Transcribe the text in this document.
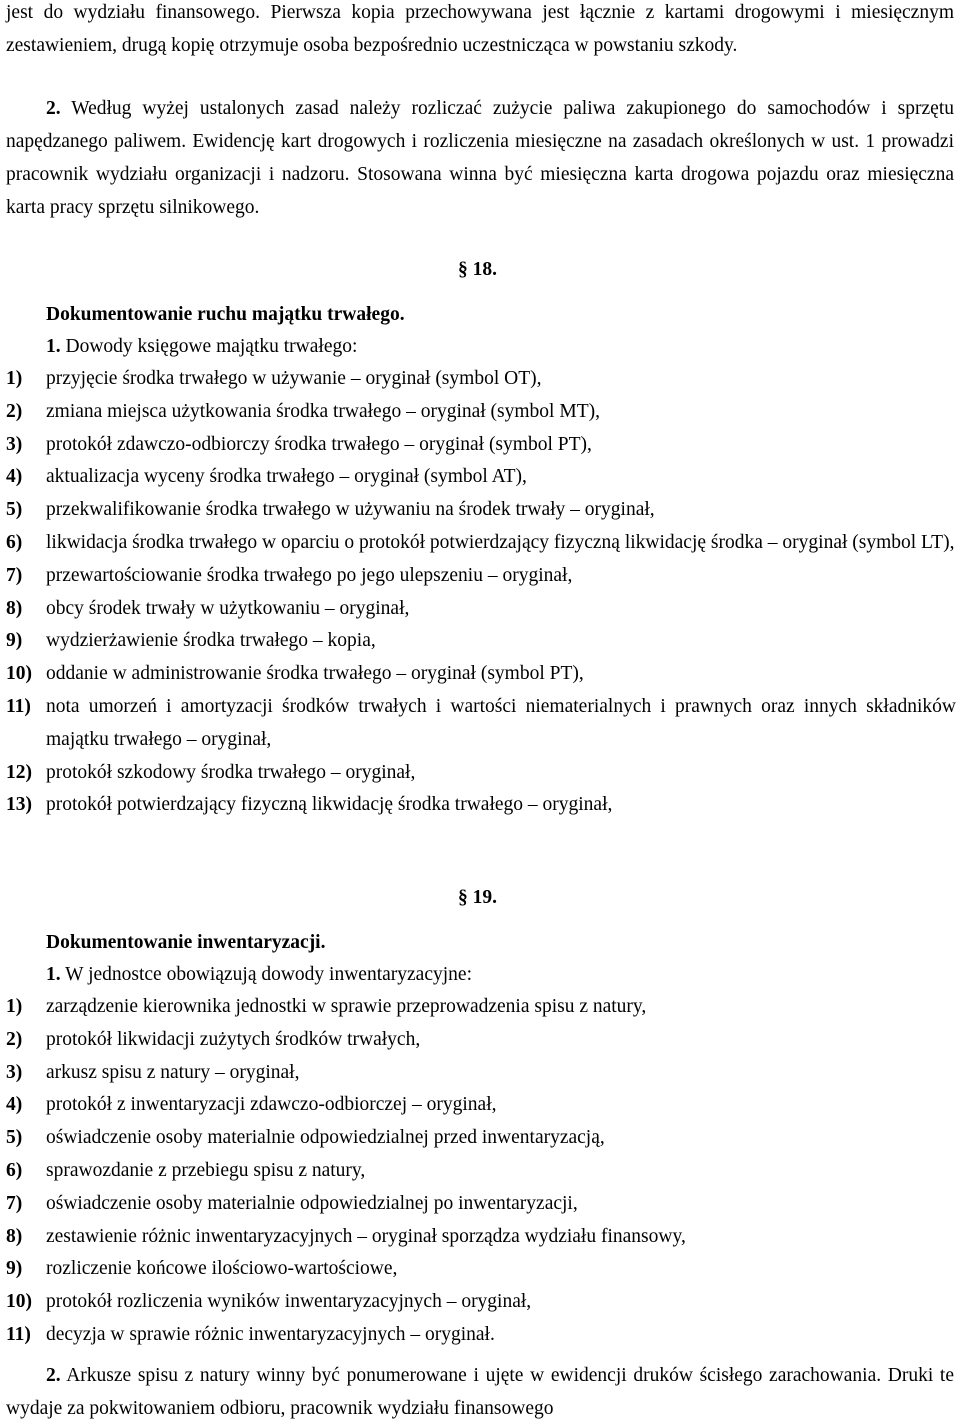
jest do wydziału finansowego. Pierwsza kopia przechowywana jest łącznie z kartami drogowymi i miesięcznym zestawieniem, drugą kopię otrzymuje osoba bezpośrednio uczestnicząca w powstaniu szkody.

2. Według wyżej ustalonych zasad należy rozliczać zużycie paliwa zakupionego do samochodów i sprzętu napędzanego paliwem. Ewidencję kart drogowych i rozliczenia miesięczne na zasadach określonych w ust. 1 prowadzi pracownik wydziału organizacji i nadzoru. Stosowana winna być miesięczna karta drogowa pojazdu oraz miesięczna karta pracy sprzętu silnikowego.

§ 18.
Dokumentowanie ruchu majątku trwałego.
1. Dowody księgowe majątku trwałego:
1) przyjęcie środka trwałego w używanie – oryginał (symbol OT),
2) zmiana miejsca użytkowania środka trwałego – oryginał (symbol MT),
3) protokół zdawczo-odbiorczy środka trwałego – oryginał (symbol PT),
4) aktualizacja wyceny środka trwałego – oryginał (symbol AT),
5) przekwalifikowanie środka trwałego w używaniu na środek trwały – oryginał,
6) likwidacja środka trwałego w oparciu o protokół potwierdzający fizyczną likwidację środka – oryginał (symbol LT),
7) przewartościowanie środka trwałego po jego ulepszeniu – oryginał,
8) obcy środek trwały w użytkowaniu – oryginał,
9) wydzierżawienie środka trwałego – kopia,
10) oddanie w administrowanie środka trwałego – oryginał (symbol PT),
11) nota umorzeń i amortyzacji środków trwałych i wartości niematerialnych i prawnych oraz innych składników majątku trwałego – oryginał,
12) protokół szkodowy środka trwałego – oryginał,
13) protokół potwierdzający fizyczną likwidację środka trwałego – oryginał,
§ 19.
Dokumentowanie inwentaryzacji.
1. W jednostce obowiązują dowody inwentaryzacyjne:
1) zarządzenie kierownika jednostki w sprawie przeprowadzenia spisu z natury,
2) protokół likwidacji zużytych środków trwałych,
3) arkusz spisu z natury – oryginał,
4) protokół z inwentaryzacji zdawczo-odbiorczej – oryginał,
5) oświadczenie osoby materialnie odpowiedzialnej przed inwentaryzacją,
6) sprawozdanie z przebiegu spisu z natury,
7) oświadczenie osoby materialnie odpowiedzialnej po inwentaryzacji,
8) zestawienie różnic inwentaryzacyjnych – oryginał sporządza wydziału finansowy,
9) rozliczenie końcowe ilościowo-wartościowe,
10) protokół rozliczenia wyników inwentaryzacyjnych – oryginał,
11) decyzja w sprawie różnic inwentaryzacyjnych – oryginał.

2. Arkusze spisu z natury winny być ponumerowane i ujęte w ewidencji druków ścisłego zarachowania. Druki te wydaje za pokwitowaniem odbioru, pracownik wydziału finansowego
